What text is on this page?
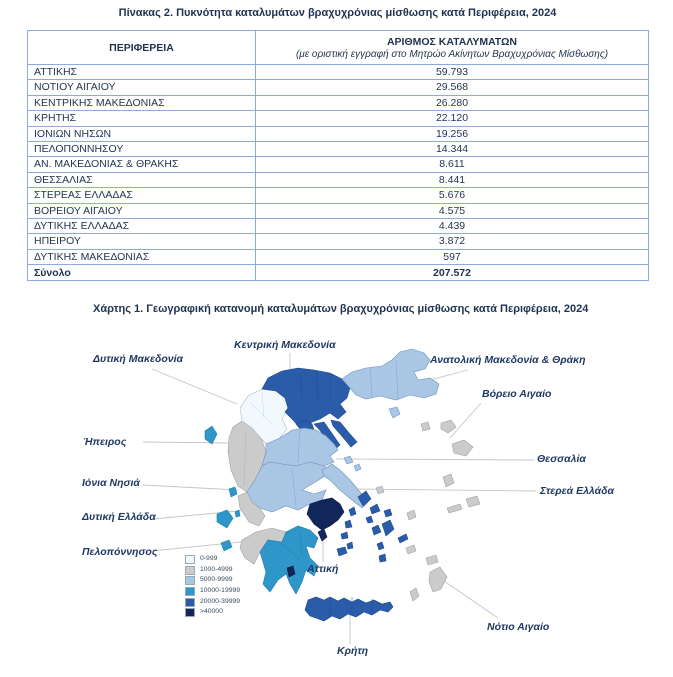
Πίνακας 2. Πυκνότητα καταλυμάτων βραχυχρόνιας μίσθωσης κατά Περιφέρεια, 2024
ΠΕΡΙΦΕΡΕΙΑ	ΑΡΙΘΜΟΣ ΚΑΤΑΛΥΜΑΤΩΝ
(με οριστική εγγραφή στο Μητρώο Ακίνητων Βραχυχρόνιας Μίσθωσης)

ΑΤΤΙΚΗΣ	59.793
ΝΟΤΙΟΥ ΑΙΓΑΙΟΥ	29.568
ΚΕΝΤΡΙΚΗΣ ΜΑΚΕΔΟΝΙΑΣ	26.280
ΚΡΗΤΗΣ	22.120
ΙΟΝΙΩΝ ΝΗΣΩΝ	19.256
ΠΕΛΟΠΟΝΝΗΣΟΥ	14.344
ΑΝ. ΜΑΚΕΔΟΝΙΑΣ & ΘΡΑΚΗΣ	8.611
ΘΕΣΣΑΛΙΑΣ	8.441
ΣΤΕΡΕΑΣ ΕΛΛΑΔΑΣ	5.676
ΒΟΡΕΙΟΥ ΑΙΓΑΙΟΥ	4.575
ΔΥΤΙΚΗΣ ΕΛΛΑΔΑΣ	4.439
ΗΠΕΙΡΟΥ	3.872
ΔΥΤΙΚΗΣ ΜΑΚΕΔΟΝΙΑΣ	597
Σύνολο	207.572
Χάρτης 1. Γεωγραφική κατανομή καταλυμάτων βραχυχρόνιας μίσθωσης κατά Περιφέρεια, 2024
Δυτική Μακεδονία
Κεντρική Μακεδονία
Ανατολική Μακεδονία & Θράκη
Βόρειο Αιγαίο
Ήπειρος
Θεσσαλία
Ιόνια Νησιά
Στερεά Ελλάδα
Δυτική Ελλάδα
Πελοπόννησος
Αττική
Νότιο Αιγαίο
Κρήτη
0-999
1000-4999
5000-9999
10000-19999
20000-39999
>40000
